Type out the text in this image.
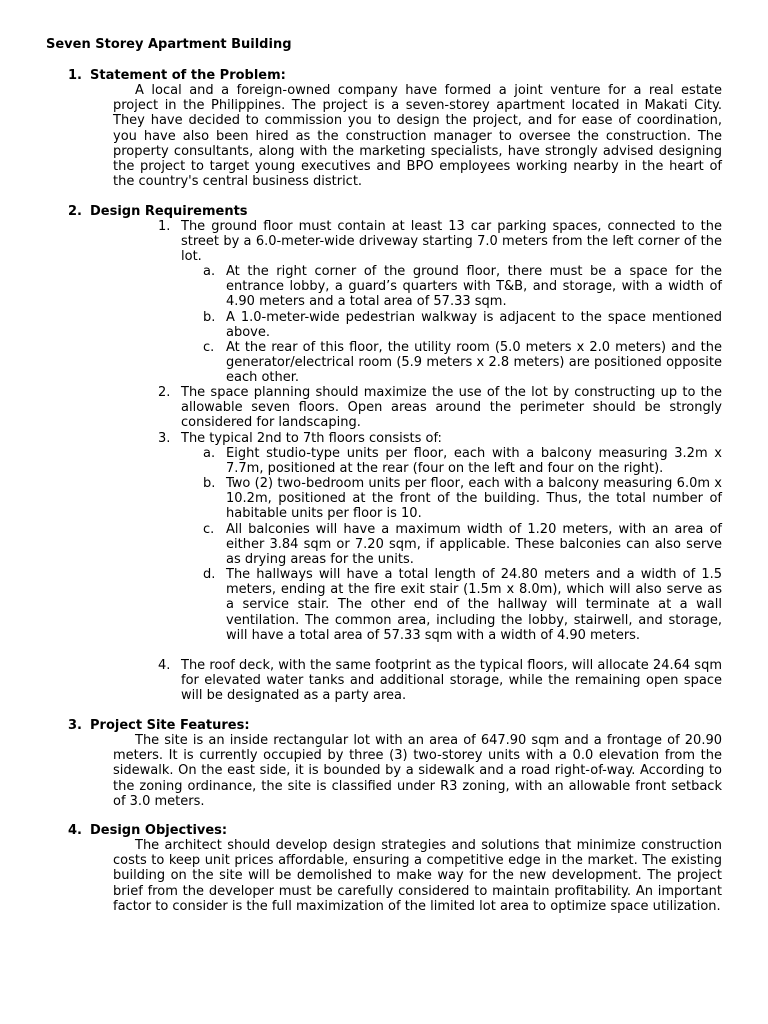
Seven Storey Apartment Building
1. Statement of the Problem:

A local and a foreign-owned company have formed a joint venture for a real estate project in the Philippines. The project is a seven-storey apartment located in Makati City. They have decided to commission you to design the project, and for ease of coordination, you have also been hired as the construction manager to oversee the construction. The property consultants, along with the marketing specialists, have strongly advised designing the project to target young executives and BPO employees working nearby in the heart of the country's central business district.

2. Design Requirements
1. The ground floor must contain at least 13 car parking spaces, connected to the street by a 6.0-meter-wide driveway starting 7.0 meters from the left corner of the lot.
a. At the right corner of the ground floor, there must be a space for the entrance lobby, a guard’s quarters with T&B, and storage, with a width of 4.90 meters and a total area of 57.33 sqm.
b. A 1.0-meter-wide pedestrian walkway is adjacent to the space mentioned above.
c. At the rear of this floor, the utility room (5.0 meters x 2.0 meters) and the generator/electrical room (5.9 meters x 2.8 meters) are positioned opposite each other.
2. The space planning should maximize the use of the lot by constructing up to the allowable seven floors. Open areas around the perimeter should be strongly considered for landscaping.
3. The typical 2nd to 7th floors consists of:
a. Eight studio-type units per floor, each with a balcony measuring 3.2m x 7.7m, positioned at the rear (four on the left and four on the right).
b. Two (2) two-bedroom units per floor, each with a balcony measuring 6.0m x 10.2m, positioned at the front of the building. Thus, the total number of habitable units per floor is 10.
c. All balconies will have a maximum width of 1.20 meters, with an area of either 3.84 sqm or 7.20 sqm, if applicable. These balconies can also serve as drying areas for the units.
d. The hallways will have a total length of 24.80 meters and a width of 1.5 meters, ending at the fire exit stair (1.5m x 8.0m), which will also serve as a service stair. The other end of the hallway will terminate at a wall ventilation. The common area, including the lobby, stairwell, and storage, will have a total area of 57.33 sqm with a width of 4.90 meters.
4. The roof deck, with the same footprint as the typical floors, will allocate 24.64 sqm for elevated water tanks and additional storage, while the remaining open space will be designated as a party area.
3. Project Site Features:

The site is an inside rectangular lot with an area of 647.90 sqm and a frontage of 20.90 meters. It is currently occupied by three (3) two-storey units with a 0.0 elevation from the sidewalk. On the east side, it is bounded by a sidewalk and a road right-of-way. According to the zoning ordinance, the site is classified under R3 zoning, with an allowable front setback of 3.0 meters.

4. Design Objectives:

The architect should develop design strategies and solutions that minimize construction costs to keep unit prices affordable, ensuring a competitive edge in the market. The existing building on the site will be demolished to make way for the new development. The project brief from the developer must be carefully considered to maintain profitability. An important factor to consider is the full maximization of the limited lot area to optimize space utilization.
